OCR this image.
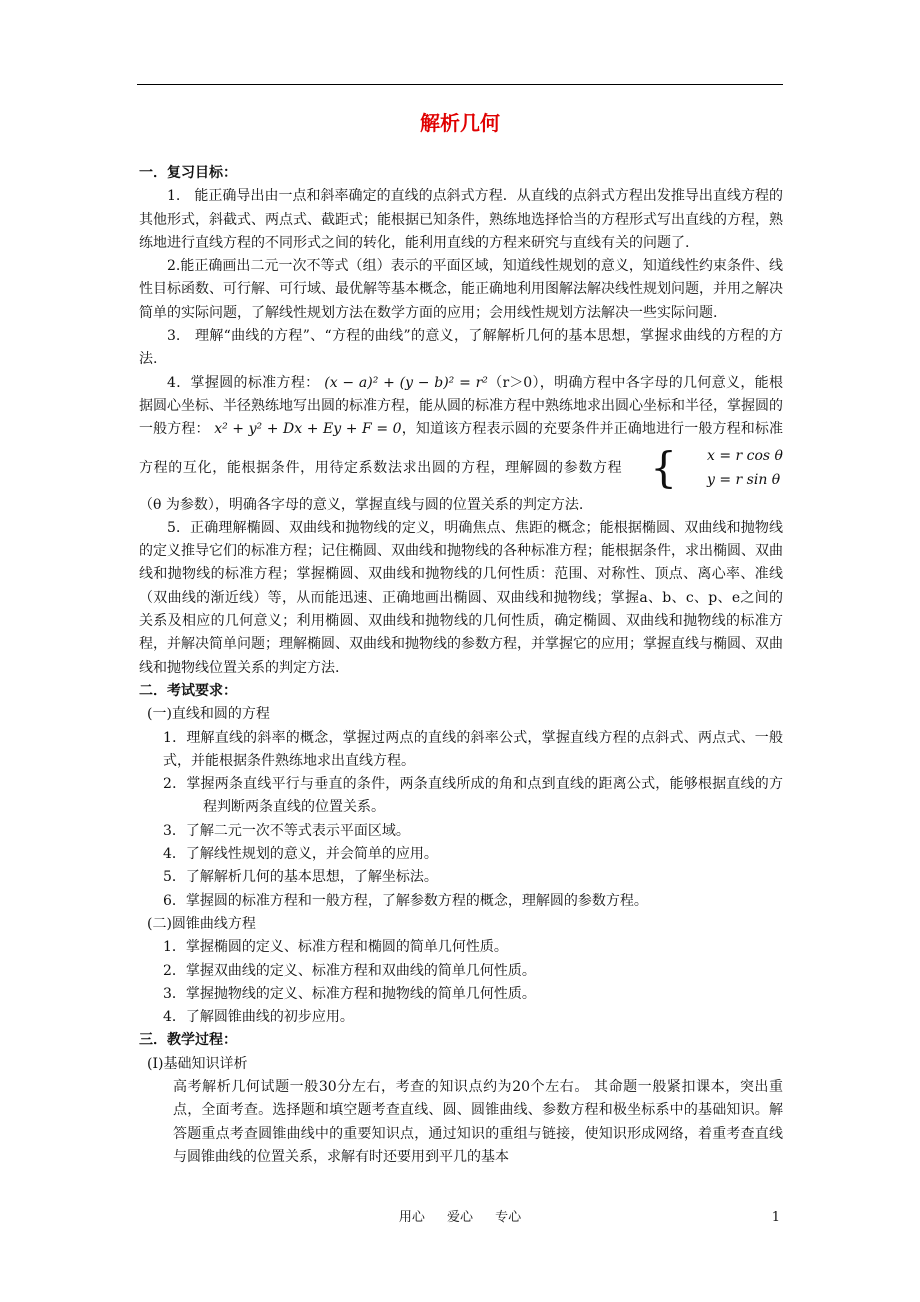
解析几何

一．复习目标：

1.　能正确导出由一点和斜率确定的直线的点斜式方程．从直线的点斜式方程出发推导出直线方程的其他形式，斜截式、两点式、截距式；能根据已知条件，熟练地选择恰当的方程形式写出直线的方程，熟练地进行直线方程的不同形式之间的转化，能利用直线的方程来研究与直线有关的问题了.

2.能正确画出二元一次不等式（组）表示的平面区域，知道线性规划的意义，知道线性约束条件、线性目标函数、可行解、可行域、最优解等基本概念，能正确地利用图解法解决线性规划问题，并用之解决简单的实际问题，了解线性规划方法在数学方面的应用；会用线性规划方法解决一些实际问题.

3.　理解“曲线的方程”、“方程的曲线”的意义，了解解析几何的基本思想，掌握求曲线的方程的方法.

4．掌握圆的标准方程： (x − a)² + (y − b)² = r²（r＞0），明确方程中各字母的几何意义，能根据圆心坐标、半径熟练地写出圆的标准方程，能从圆的标准方程中熟练地求出圆心坐标和半径，掌握圆的一般方程： x² + y² + Dx + Ey + F = 0，知道该方程表示圆的充要条件并正确地进行一般方程和标准方程的互化，能根据条件，用待定系数法求出圆的方程，理解圆的参数方程 {	x = r cos θ
y = r sin θ
（θ 为参数），明确各字母的意义，掌握直线与圆的位置关系的判定方法.

5．正确理解椭圆、双曲线和抛物线的定义，明确焦点、焦距的概念；能根据椭圆、双曲线和抛物线的定义推导它们的标准方程；记住椭圆、双曲线和抛物线的各种标准方程；能根据条件，求出椭圆、双曲线和抛物线的标准方程；掌握椭圆、双曲线和抛物线的几何性质：范围、对称性、顶点、离心率、准线（双曲线的渐近线）等，从而能迅速、正确地画出椭圆、双曲线和抛物线；掌握a、b、c、p、e之间的关系及相应的几何意义；利用椭圆、双曲线和抛物线的几何性质，确定椭圆、双曲线和抛物线的标准方程，并解决简单问题；理解椭圆、双曲线和抛物线的参数方程，并掌握它的应用；掌握直线与椭圆、双曲线和抛物线位置关系的判定方法.

二．考试要求：

(一)直线和圆的方程

1．理解直线的斜率的概念，掌握过两点的直线的斜率公式，掌握直线方程的点斜式、两点式、一般式，并能根据条件熟练地求出直线方程。

2．掌握两条直线平行与垂直的条件，两条直线所成的角和点到直线的距离公式，能够根据直线的方程判断两条直线的位置关系。

3．了解二元一次不等式表示平面区域。

4．了解线性规划的意义，并会简单的应用。

5．了解解析几何的基本思想，了解坐标法。

6．掌握圆的标准方程和一般方程，了解参数方程的概念，理解圆的参数方程。

(二)圆锥曲线方程

1．掌握椭圆的定义、标准方程和椭圆的简单几何性质。

2．掌握双曲线的定义、标准方程和双曲线的简单几何性质。

3．掌握抛物线的定义、标准方程和抛物线的简单几何性质。

4．了解圆锥曲线的初步应用。

三．教学过程：

(Ⅰ)基础知识详析

高考解析几何试题一般30分左右，考查的知识点约为20个左右。 其命题一般紧扣课本，突出重点，全面考查。选择题和填空题考查直线、圆、圆锥曲线、参数方程和极坐标系中的基础知识。解答题重点考查圆锥曲线中的重要知识点，通过知识的重组与链接，使知识形成网络，着重考查直线与圆锥曲线的位置关系，求解有时还要用到平几的基本

用心 爱心 专心	1
